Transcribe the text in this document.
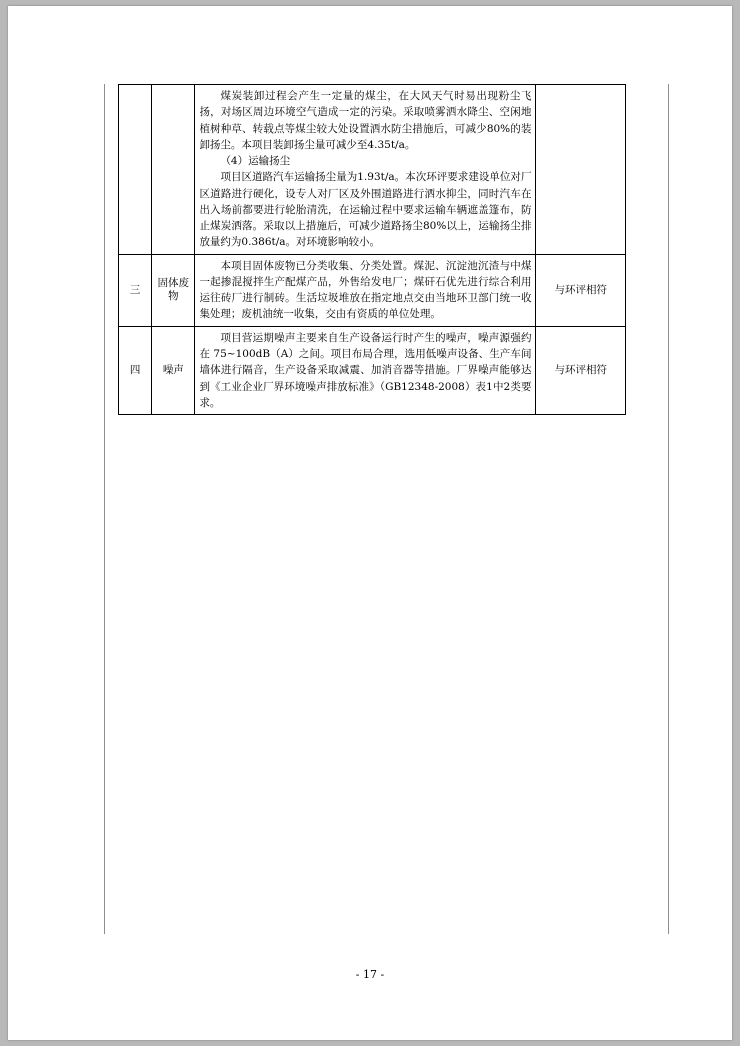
		煤炭装卸过程会产生一定量的煤尘，在大风天气时易出现粉尘飞扬，对场区周边环境空气造成一定的污染。采取喷雾洒水降尘、空闲地植树种草、转载点等煤尘较大处设置洒水防尘措施后，可减少80%的装卸扬尘。本项目装卸扬尘量可减少至4.35t/a。

（4）运输扬尘

项目区道路汽车运输扬尘量为1.93t/a。本次环评要求建设单位对厂区道路进行硬化，设专人对厂区及外围道路进行洒水抑尘，同时汽车在出入场前都要进行轮胎清洗，在运输过程中要求运输车辆遮盖篷布，防止煤炭洒落。采取以上措施后，可减少道路扬尘80%以上，运输扬尘排放量约为0.386t/a。对环境影响较小。	

三	固体废物	本项目固体废物已分类收集、分类处置。煤泥、沉淀池沉渣与中煤一起掺混搅拌生产配煤产品，外售给发电厂；煤矸石优先进行综合利用运往砖厂进行制砖。生活垃圾堆放在指定地点交由当地环卫部门统一收集处理；废机油统一收集，交由有资质的单位处理。	与环评相符
四	噪声	项目营运期噪声主要来自生产设备运行时产生的噪声，噪声源强约在 75~100dB（A）之间。项目布局合理，选用低噪声设备、生产车间墙体进行隔音，生产设备采取减震、加消音器等措施。厂界噪声能够达到《工业企业厂界环境噪声排放标准》（GB12348-2008）表1中2类要求。	与环评相符
- 17 -
